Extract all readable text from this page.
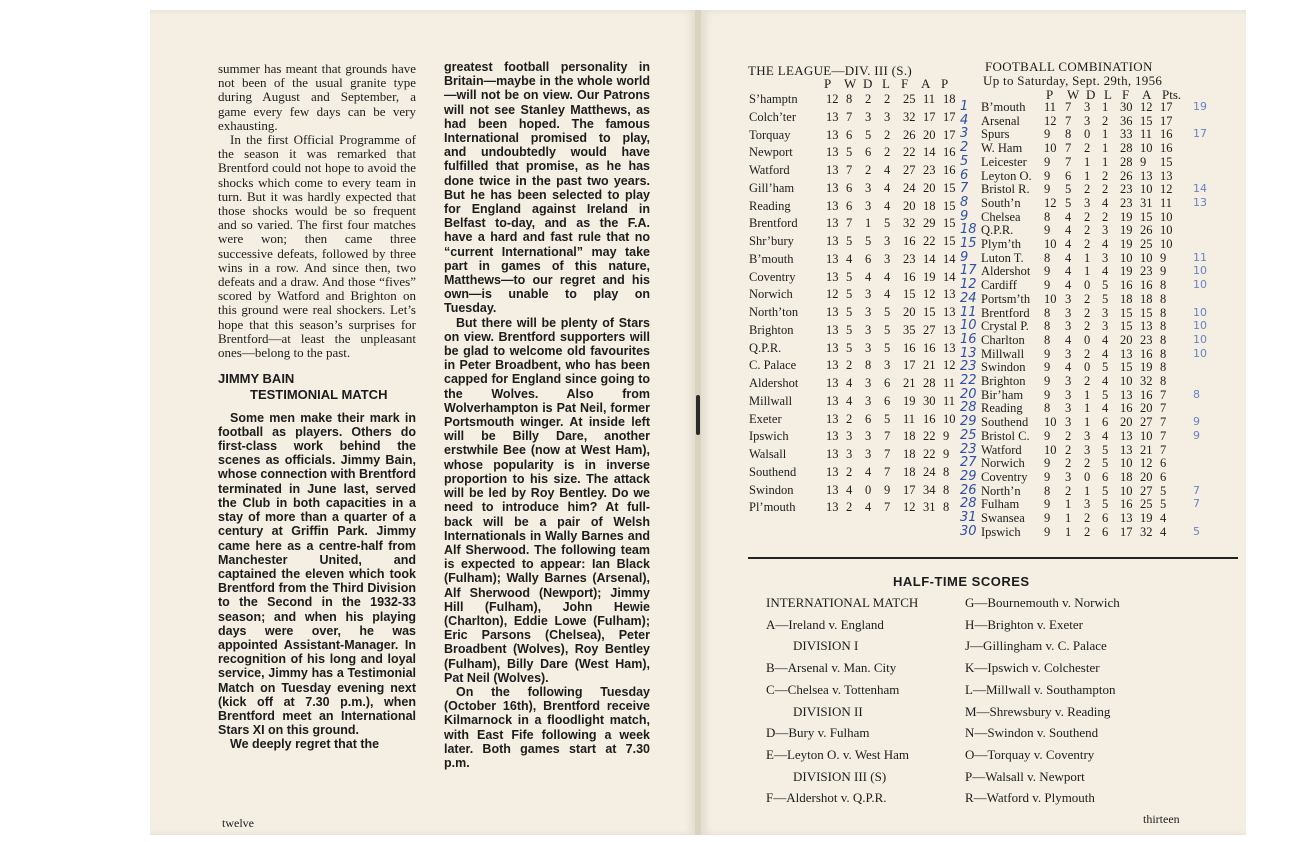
summer has meant that grounds have not been of the usual granite type during August and September, a game every few days can be very exhausting.

In the first Official Programme of the season it was remarked that Brentford could not hope to avoid the shocks which come to every team in turn. But it was hardly expected that those shocks would be so frequent and so varied. The first four matches were won; then came three successive defeats, followed by three wins in a row. And since then, two defeats and a draw. And those “fives” scored by Watford and Brighton on this ground were real shockers. Let’s hope that this season’s surprises for Brentford—at least the unpleasant ones—belong to the past.

JIMMY BAIN
TESTIMONIAL MATCH

Some men make their mark in football as players. Others do first-class work behind the scenes as officials. Jimmy Bain, whose connection with Brentford terminated in June last, served the Club in both capacities in a stay of more than a quarter of a century at Griffin Park. Jimmy came here as a centre-half from Manchester United, and captained the eleven which took Brentford from the Third Division to the Second in the 1932-33 season; and when his playing days were over, he was appointed Assistant-Manager. In recognition of his long and loyal service, Jimmy has a Testimonial Match on Tuesday evening next (kick off at 7.30 p.m.), when Brentford meet an International Stars XI on this ground.

We deeply regret that the

greatest football personality in Britain—maybe in the whole world—will not be on view. Our Patrons will not see Stanley Matthews, as had been hoped. The famous International promised to play, and undoubtedly would have fulfilled that promise, as he has done twice in the past two years. But he has been selected to play for England against Ireland in Belfast to-day, and as the F.A. have a hard and fast rule that no “current International” may take part in games of this nature, Matthews—to our regret and his own—is unable to play on Tuesday.

But there will be plenty of Stars on view. Brentford supporters will be glad to welcome old favourites in Peter Broadbent, who has been capped for England since going to the Wolves. Also from Wolverhampton is Pat Neil, former Portsmouth winger. At inside left will be Billy Dare, another erstwhile Bee (now at West Ham), whose popularity is in inverse proportion to his size. The attack will be led by Roy Bentley. Do we need to introduce him? At full-back will be a pair of Welsh Internationals in Wally Barnes and Alf Sherwood. The following team is expected to appear: Ian Black (Fulham); Wally Barnes (Arsenal), Alf Sherwood (Newport); Jimmy Hill (Fulham), John Hewie (Charlton), Eddie Lowe (Fulham); Eric Parsons (Chelsea), Peter Broadbent (Wolves), Roy Bentley (Fulham), Billy Dare (West Ham), Pat Neil (Wolves).

On the following Tuesday (October 16th), Brentford receive Kilmarnock in a floodlight match, with East Fife following a week later. Both games start at 7.30 p.m.

twelve
THE LEAGUE—DIV. III (S.)
P W D L F A P
S’hamptn 12 8 2 2 25 11 18
Colch’ter 13 7 3 3 32 17 17
Torquay	13 6 5 2 26 20 17
Newport	13 5 6 2 22 14 16
Watford	13 7 2 4 27 23 16
Gill’ham	13 6 3 4 24 20 15
Reading	13 6 3 4 20 18 15
Brentford 13 7 1 5 32 29 15
Shr’bury	13 5 5 3 16 22 15
B’mouth	13 4 6 3 23 14 14
Coventry 13 5 4 4 16 19 14
Norwich	12 5 3 4 15 12 13
North’ton 13 5 3 5 20 15 13
Brighton	13 5 3 5 35 27 13
Q.P.R.	13 5 3 5 16 16 13
C. Palace 13 2 8 3 17 21 12
Aldershot 13 4 3 6 21 28 11
Millwall	13 4 3 6 19 30 11
Exeter	13 2 6 5 11 16 10
Ipswich	13 3 3 7 18 22 9
Walsall	13 3 3 7 18 22 9
Southend 13 2 4 7 18 24 8
Swindon	13 4 0 9 17 34 8
Pl’mouth 13 2 4 7 12 31 8
FOOTBALL COMBINATION
Up to Saturday, Sept. 29th, 1956
P W D L F A Pts.
1 B’mouth 11 7 3 1 30 12 17 19
4 Arsenal 12 7 3 2 36 15 17
3 Spurs	9 8 0 1 33 11 16 17
2 W. Ham 10 7 2 1 28 10 16
5 Leicester 9 7 1 1 28 9 15
6 Leyton O. 9 6 1 2 26 13 13
7 Bristol R. 9 5 2 2 23 10 12 14
8 South’n 12 5 3 4 23 31 11 13
9 Chelsea 8 4 2 2 19 15 10
18 Q.P.R. 9 4 2 3 19 26 10
15 Plym’th 10 4 2 4 19 25 10
9 Luton T. 8 4 1 3 10 10 9 11
17 Aldershot 9 4 1 4 19 23 9 10
12 Cardiff 9 4 0 5 16 16 8 10
24 Portsm’th 10 3 2 5 18 18 8
11 Brentford 8 3 2 3 15 15 8 10
10 Crystal P. 8 3 2 3 15 13 8 10
16 Charlton 8 4 0 4 20 23 8 10
13 Millwall 9 3 2 4 13 16 8 10
23 Swindon 9 4 0 5 15 19 8
22 Brighton 9 3 2 4 10 32 8
20 Bir’ham 9 3 1 5 13 16 7 8
28 Reading 8 3 1 4 16 20 7
29 Southend 10 3 1 6 20 27 7 9
25 Bristol C. 9 2 3 4 13 10 7 9
23 Watford 10 2 3 5 13 21 7
27 Norwich 9 2 2 5 10 12 6
29 Coventry 9 3 0 6 18 20 6
26 North’n 8 2 1 5 10 27 5 7
28 Fulham 9 1 3 5 16 25 5 7
31 Swansea 9 1 2 6 13 19 4
30 Ipswich 9 1 2 6 17 32 4 5
HALF-TIME SCORES
INTERNATIONAL MATCH
A—Ireland v. England
DIVISION I
B—Arsenal v. Man. City
C—Chelsea v. Tottenham
DIVISION II
D—Bury v. Fulham
E—Leyton O. v. West Ham
DIVISION III (S)
F—Aldershot v. Q.P.R.
G—Bournemouth v. Norwich
H—Brighton v. Exeter
J—Gillingham v. C. Palace
K—Ipswich v. Colchester
L—Millwall v. Southampton
M—Shrewsbury v. Reading
N—Swindon v. Southend
O—Torquay v. Coventry
P—Walsall v. Newport
R—Watford v. Plymouth
thirteen
